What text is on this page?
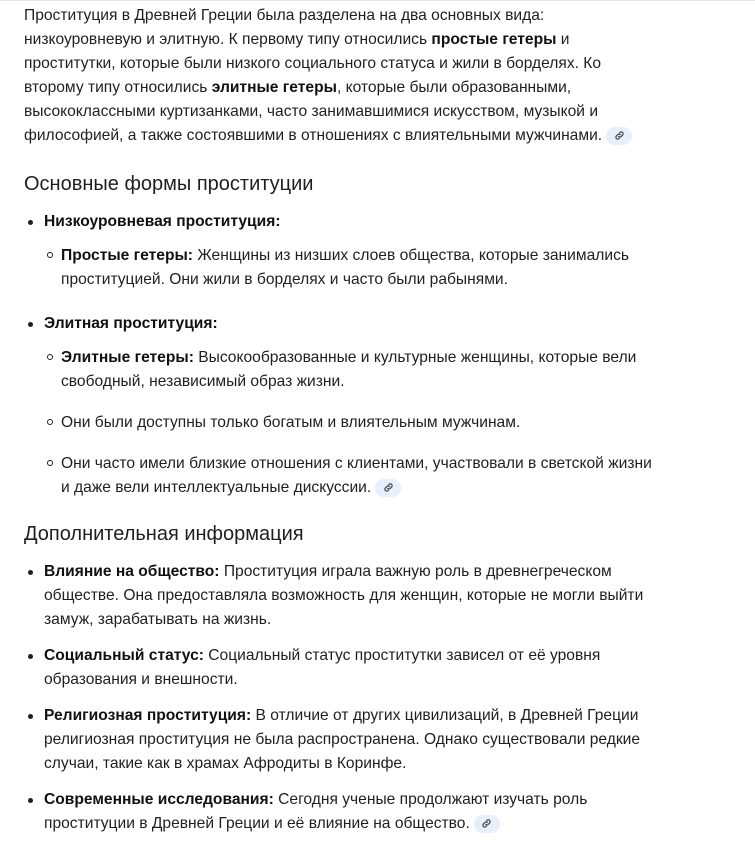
Проституция в Древней Греции была разделена на два основных вида: низкоуровневую и элитную. К первому типу относились простые гетеры и проститутки, которые были низкого социального статуса и жили в борделях. Ко второму типу относились элитные гетеры, которые были образованными, высококлассными куртизанками, часто занимавшимися искусством, музыкой и философией, а также состоявшими в отношениях с влиятельными мужчинами.

Основные формы проституции
Низкоуровневая проституция:
Простые гетеры: Женщины из низших слоев общества, которые занимались проституцией. Они жили в борделях и часто были рабынями.
Элитная проституция:
Элитные гетеры: Высокообразованные и культурные женщины, которые вели свободный, независимый образ жизни.
Они были доступны только богатым и влиятельным мужчинам.
Они часто имели близкие отношения с клиентами, участвовали в светской жизни и даже вели интеллектуальные дискуссии.
Дополнительная информация
Влияние на общество: Проституция играла важную роль в древнегреческом обществе. Она предоставляла возможность для женщин, которые не могли выйти замуж, зарабатывать на жизнь.
Социальный статус: Социальный статус проститутки зависел от её уровня образования и внешности.
Религиозная проституция: В отличие от других цивилизаций, в Древней Греции религиозная проституция не была распространена. Однако существовали редкие случаи, такие как в храмах Афродиты в Коринфе.
Современные исследования: Сегодня ученые продолжают изучать роль проституции в Древней Греции и её влияние на общество.
